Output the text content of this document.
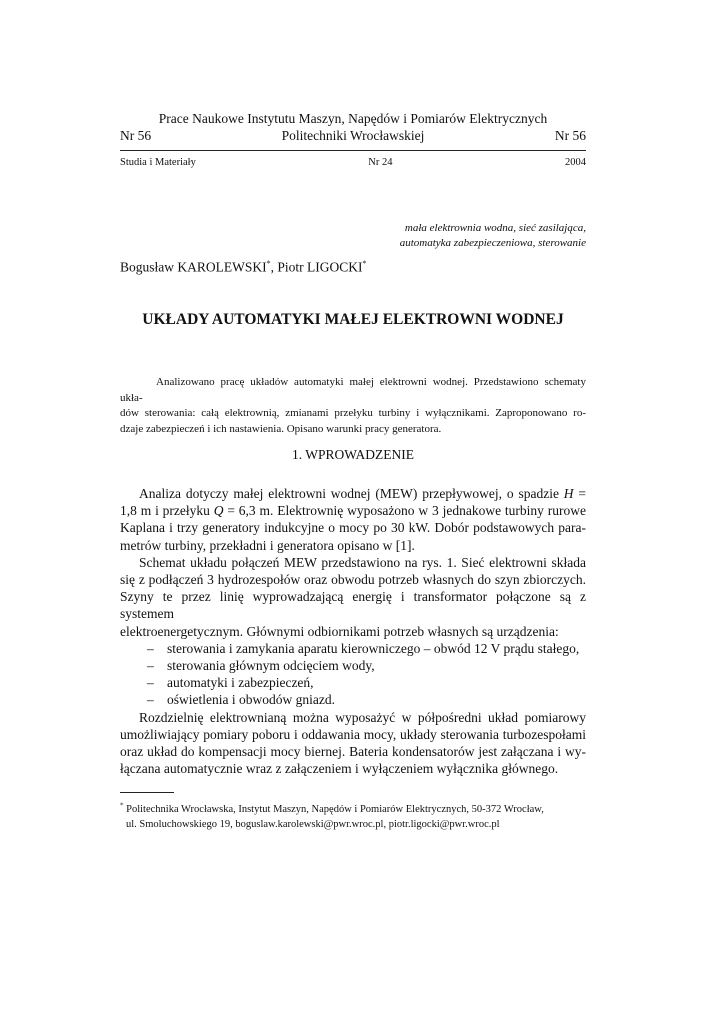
Prace Naukowe Instytutu Maszyn, Napędów i Pomiarów Elektrycznych
Nr 56	Politechniki Wrocławskiej	Nr 56
Studia i Materiały	Nr 24	2004
mała elektrownia wodna, sieć zasilająca,
automatyka zabezpieczeniowa, sterowanie
Bogusław KAROLEWSKI*, Piotr LIGOCKI*
UKŁADY AUTOMATYKI MAŁEJ ELEKTROWNI WODNEJ
Analizowano pracę układów automatyki małej elektrowni wodnej. Przedstawiono schematy ukła-
dów sterowania: całą elektrownią, zmianami przełyku turbiny i wyłącznikami. Zaproponowano ro-
dzaje zabezpieczeń i ich nastawienia. Opisano warunki pracy generatora.
1. WPROWADZENIE
Analiza dotyczy małej elektrowni wodnej (MEW) przepływowej, o spadzie H =
1,8 m i przełyku Q = 6,3 m. Elektrownię wyposażono w 3 jednakowe turbiny rurowe
Kaplana i trzy generatory indukcyjne o mocy po 30 kW. Dobór podstawowych para-
metrów turbiny, przekładni i generatora opisano w [1].
Schemat układu połączeń MEW przedstawiono na rys. 1. Sieć elektrowni składa
się z podłączeń 3 hydrozespołów oraz obwodu potrzeb własnych do szyn zbiorczych.
Szyny te przez linię wyprowadzającą energię i transformator połączone są z systemem
elektroenergetycznym. Głównymi odbiornikami potrzeb własnych są urządzenia:
– sterowania i zamykania aparatu kierowniczego – obwód 12 V prądu stałego,
– sterowania głównym odcięciem wody,
– automatyki i zabezpieczeń,
– oświetlenia i obwodów gniazd.
Rozdzielnię elektrownianą można wyposażyć w półpośredni układ pomiarowy
umożliwiający pomiary poboru i oddawania mocy, układy sterowania turbozespołami
oraz układ do kompensacji mocy biernej. Bateria kondensatorów jest załączana i wy-
łączana automatycznie wraz z załączeniem i wyłączeniem wyłącznika głównego.
* Politechnika Wrocławska, Instytut Maszyn, Napędów i Pomiarów Elektrycznych, 50-372 Wrocław,
ul. Smoluchowskiego 19, boguslaw.karolewski@pwr.wroc.pl, piotr.ligocki@pwr.wroc.pl
